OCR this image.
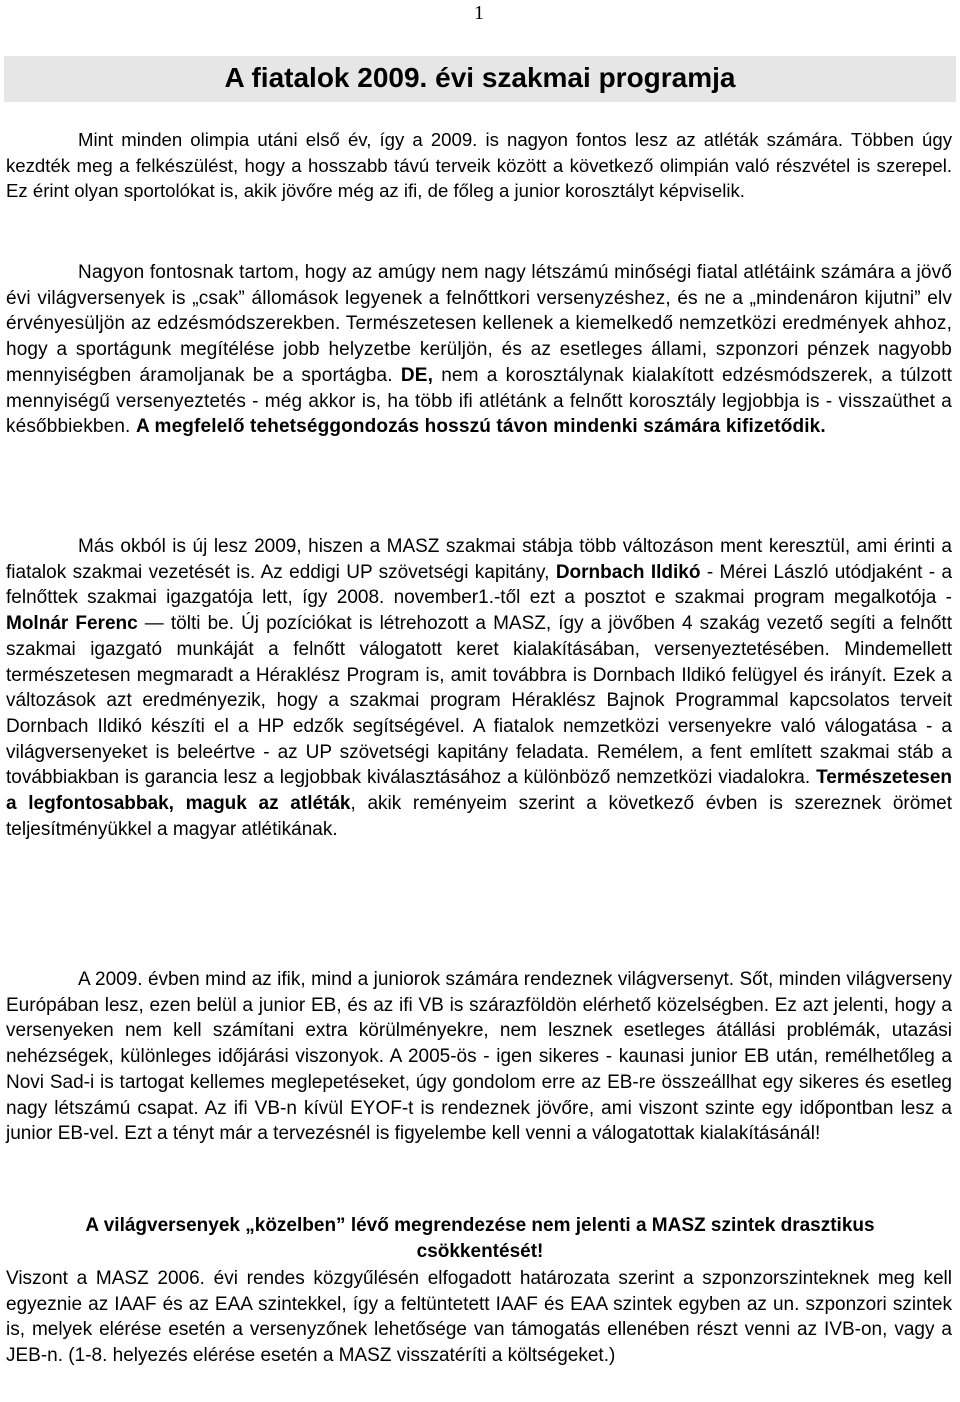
1
A fiatalok 2009. évi szakmai programja

Mint minden olimpia utáni első év, így a 2009. is nagyon fontos lesz az atléták számára. Többen úgy kezdték meg a felkészülést, hogy a hosszabb távú terveik között a következő olimpián való részvétel is szerepel. Ez érint olyan sportolókat is, akik jövőre még az ifi, de főleg a junior korosztályt képviselik.

Nagyon fontosnak tartom, hogy az amúgy nem nagy létszámú minőségi fiatal atlétáink számára a jövő évi világversenyek is „csak” állomások legyenek a felnőttkori versenyzéshez, és ne a „mindenáron kijutni” elv érvényesüljön az edzésmódszerekben. Természetesen kellenek a kiemelkedő nemzetközi eredmények ahhoz, hogy a sportágunk megítélése jobb helyzetbe kerüljön, és az esetleges állami, szponzori pénzek nagyobb mennyiségben áramoljanak be a sportágba. DE, nem a korosztálynak kialakított edzésmódszerek, a túlzott mennyiségű versenyeztetés - még akkor is, ha több ifi atlétánk a felnőtt korosztály legjobbja is - visszaüthet a későbbiekben. A megfelelő tehetséggondozás hosszú távon mindenki számára kifizetődik.

Más okból is új lesz 2009, hiszen a MASZ szakmai stábja több változáson ment keresztül, ami érinti a fiatalok szakmai vezetését is. Az eddigi UP szövetségi kapitány, Dornbach Ildikó - Mérei László utódjaként - a felnőttek szakmai igazgatója lett, így 2008. november1.-től ezt a posztot e szakmai program megalkotója - Molnár Ferenc — tölti be. Új pozíciókat is létrehozott a MASZ, így a jövőben 4 szakág vezető segíti a felnőtt szakmai igazgató munkáját a felnőtt válogatott keret kialakításában, versenyeztetésében. Mindemellett természetesen megmaradt a Héraklész Program is, amit továbbra is Dornbach Ildikó felügyel és irányít. Ezek a változások azt eredményezik, hogy a szakmai program Héraklész Bajnok Programmal kapcsolatos terveit Dornbach Ildikó készíti el a HP edzők segítségével. A fiatalok nemzetközi versenyekre való válogatása - a világversenyeket is beleértve - az UP szövetségi kapitány feladata. Remélem, a fent említett szakmai stáb a továbbiakban is garancia lesz a legjobbak kiválasztásához a különböző nemzetközi viadalokra. Természetesen a legfontosabbak, maguk az atléták, akik reményeim szerint a következő évben is szereznek örömet teljesítményükkel a magyar atlétikának.

A 2009. évben mind az ifik, mind a juniorok számára rendeznek világversenyt. Sőt, minden világverseny Európában lesz, ezen belül a junior EB, és az ifi VB is szárazföldön elérhető közelségben. Ez azt jelenti, hogy a versenyeken nem kell számítani extra körülményekre, nem lesznek esetleges átállási problémák, utazási nehézségek, különleges időjárási viszonyok. A 2005-ös - igen sikeres - kaunasi junior EB után, remélhetőleg a Novi Sad-i is tartogat kellemes meglepetéseket, úgy gondolom erre az EB-re összeállhat egy sikeres és esetleg nagy létszámú csapat. Az ifi VB-n kívül EYOF-t is rendeznek jövőre, ami viszont szinte egy időpontban lesz a junior EB-vel. Ezt a tényt már a tervezésnél is figyelembe kell venni a válogatottak kialakításánál!

A világversenyek „közelben” lévő megrendezése nem jelenti a MASZ szintek drasztikus csökkentését!

Viszont a MASZ 2006. évi rendes közgyűlésén elfogadott határozata szerint a szponzorszinteknek meg kell egyeznie az IAAF és az EAA szintekkel, így a feltüntetett IAAF és EAA szintek egyben az un. szponzori szintek is, melyek elérése esetén a versenyzőnek lehetősége van támogatás ellenében részt venni az IVB-on, vagy a JEB-n. (1-8. helyezés elérése esetén a MASZ visszatéríti a költségeket.)
